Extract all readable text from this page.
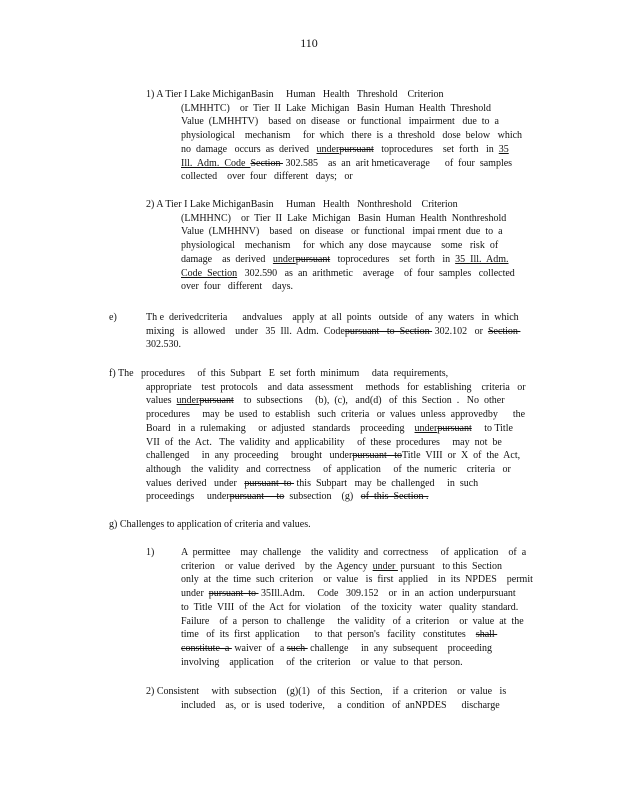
110
1) A Tier I Lake MichiganBasin     Human   Health   Threshold    Criterion
(LMHHTC)    or  Tier  II  Lake  Michigan   Basin  Human  Health  Threshold
Value  (LMHHTV)    based  on  disease   or  functional   impairment   due  to  a
physiological    mechanism     for  which   there  is  a  threshold   dose  below   which
no  damage   occurs  as  derived   underpursuant   toprocedures    set  forth   in  35
Ill.  Adm.  Code  Section  302.585    as  an  arit hmeticaverage      of  four  samples
collected    over  four   different   days;   or
2) A Tier I Lake MichiganBasin     Human   Health   Nonthreshold    Criterion
(LMHHNC)    or  Tier  II  Lake  Michigan   Basin  Human  Health  Nonthreshold
Value  (LMHHNV)    based   on  disease   or  functional   impai rment  due  to  a
physiological    mechanism     for  which  any  dose  maycause    some   risk  of
damage    as  derived   underpursuant   toprocedures    set  forth   in  35  Ill.  Adm.
Code  Section   302.590   as  an  arithmetic    average    of  four  samples   collected
over  four   different    days.
e)	Th e  derivedcriteria      andvalues    apply  at  all  points   outside   of  any  waters   in  which
mixing   is  allowed    under   35  Ill.  Adm.  Codepursuant   to  Section  302.102   or  Section
302.530.
f) The   procedures     of  this  Subpart   E  set  forth  minimum     data  requirements,
appropriate    test  protocols    and  data  assessment     methods   for  establishing    criteria   or
values  underpursuant    to  subsections     (b),  (c),   and(d)   of  this  Section  .   No  other
procedures     may  be  used  to  establish   such  criteria   or  values  unless  approvedby      the
Board   in  a  rulemaking     or  adjusted   standards    proceeding    underpursuant     to Title
VII  of  the  Act.   The  validity  and  applicability     of  these  procedures     may  not  be
challenged     in  any  proceeding     brought   underpursuant   toTitle  VIII  or  X  of  the  Act,
although    the  validity   and  correctness     of  application     of  the  numeric    criteria   or
values  derived   under   pursuant  to  this  Subpart   may  be  challenged     in  such
proceedings     underpursuant     to  subsection    (g)   of  this  Section .
g) Challenges to application of criteria and values.
1)	A  permittee    may  challenge    the  validity  and  correctness     of  application    of  a
criterion    or  value  derived    by  the  Agency  under  pursuant   to this  Section
only  at  the  time  such  criterion    or  value   is  first  applied    in  its  NPDES    permit
under  pursuant  to  35Ill.Adm.     Code   309.152    or  in  an  action  underpursuant
to  Title  VIII  of  the  Act  for  violation    of  the  toxicity   water   quality  standard.
Failure    of  a  person  to  challenge     the  validity   of  a  criterion    or  value  at  the
time   of  its  first  application      to  that  person's   facility   constitutes    shall
constitute  a  waiver  of  a such  challenge     in  any  subsequent    proceeding
involving    application     of  the  criterion    or  value  to  that  person.
2) Consistent     with  subsection    (g)(1)   of  this  Section,    if  a  criterion    or  value   is
included    as,  or  is  used  toderive,     a  condition   of  anNPDES      discharge
